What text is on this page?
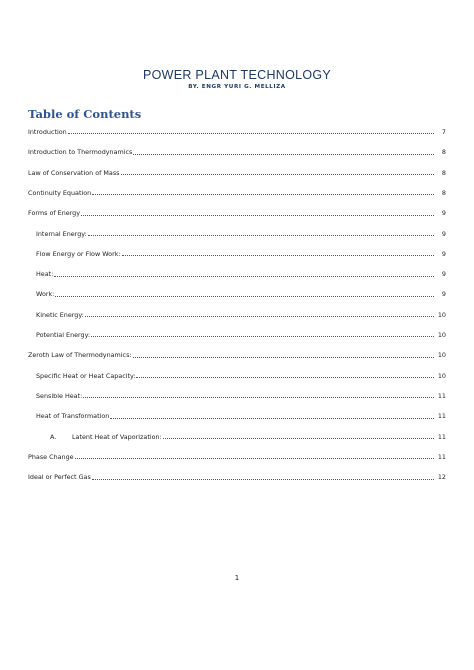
POWER PLANT TECHNOLOGY
BY. ENGR YURI G. MELLIZA
Table of Contents
Introduction	7
Introduction to Thermodynamics	8
Law of Conservation of Mass	8
Continuity Equation	8
Forms of Energy	9
Internal Energy:	9
Flow Energy or Flow Work:	9
Heat:	9
Work:	9
Kinetic Energy:	10
Potential Energy:	10
Zeroth Law of Thermodynamics:	10
Specific Heat or Heat Capacity:	10
Sensible Heat:	11
Heat of Transformation	11
A. Latent Heat of Vaporization:	11
Phase Change	11
Ideal or Perfect Gas	12
1
